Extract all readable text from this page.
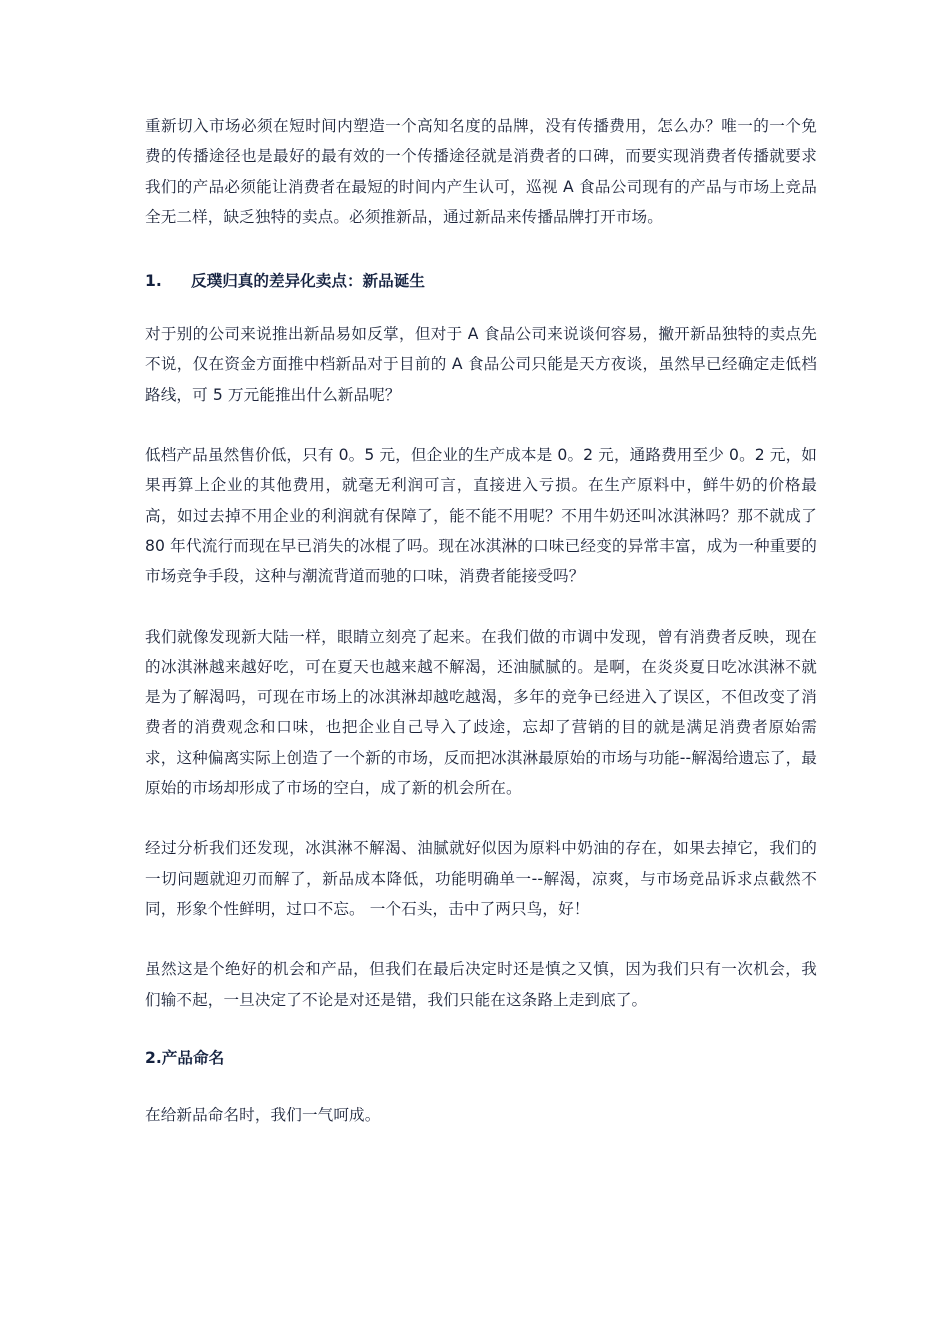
重新切入市场必须在短时间内塑造一个高知名度的品牌，没有传播费用，怎么办？唯一的一个免费的传播途径也是最好的最有效的一个传播途径就是消费者的口碑，而要实现消费者传播就要求我们的产品必须能让消费者在最短的时间内产生认可，巡视 A 食品公司现有的产品与市场上竞品全无二样，缺乏独特的卖点。必须推新品，通过新品来传播品牌打开市场。

1. 反璞归真的差异化卖点：新品诞生

对于别的公司来说推出新品易如反掌，但对于 A 食品公司来说谈何容易，撇开新品独特的卖点先不说，仅在资金方面推中档新品对于目前的 A 食品公司只能是天方夜谈，虽然早已经确定走低档路线，可 5 万元能推出什么新品呢？

低档产品虽然售价低，只有 0。5 元，但企业的生产成本是 0。2 元，通路费用至少 0。2 元，如果再算上企业的其他费用，就毫无利润可言，直接进入亏损。在生产原料中，鲜牛奶的价格最高，如过去掉不用企业的利润就有保障了，能不能不用呢？不用牛奶还叫冰淇淋吗？那不就成了 80 年代流行而现在早已消失的冰棍了吗。现在冰淇淋的口味已经变的异常丰富，成为一种重要的市场竞争手段，这种与潮流背道而驰的口味，消费者能接受吗？

我们就像发现新大陆一样，眼睛立刻亮了起来。在我们做的市调中发现，曾有消费者反映，现在的冰淇淋越来越好吃，可在夏天也越来越不解渴，还油腻腻的。是啊，在炎炎夏日吃冰淇淋不就是为了解渴吗，可现在市场上的冰淇淋却越吃越渴，多年的竞争已经进入了误区，不但改变了消费者的消费观念和口味，也把企业自己导入了歧途，忘却了营销的目的就是满足消费者原始需求，这种偏离实际上创造了一个新的市场，反而把冰淇淋最原始的市场与功能--解渴给遗忘了，最原始的市场却形成了市场的空白，成了新的机会所在。

经过分析我们还发现，冰淇淋不解渴、油腻就好似因为原料中奶油的存在，如果去掉它，我们的一切问题就迎刃而解了，新品成本降低，功能明确单一--解渴，凉爽，与市场竞品诉求点截然不同，形象个性鲜明，过口不忘。 一个石头，击中了两只鸟，好！

虽然这是个绝好的机会和产品，但我们在最后决定时还是慎之又慎，因为我们只有一次机会，我们输不起，一旦决定了不论是对还是错，我们只能在这条路上走到底了。

2.产品命名

在给新品命名时，我们一气呵成。
